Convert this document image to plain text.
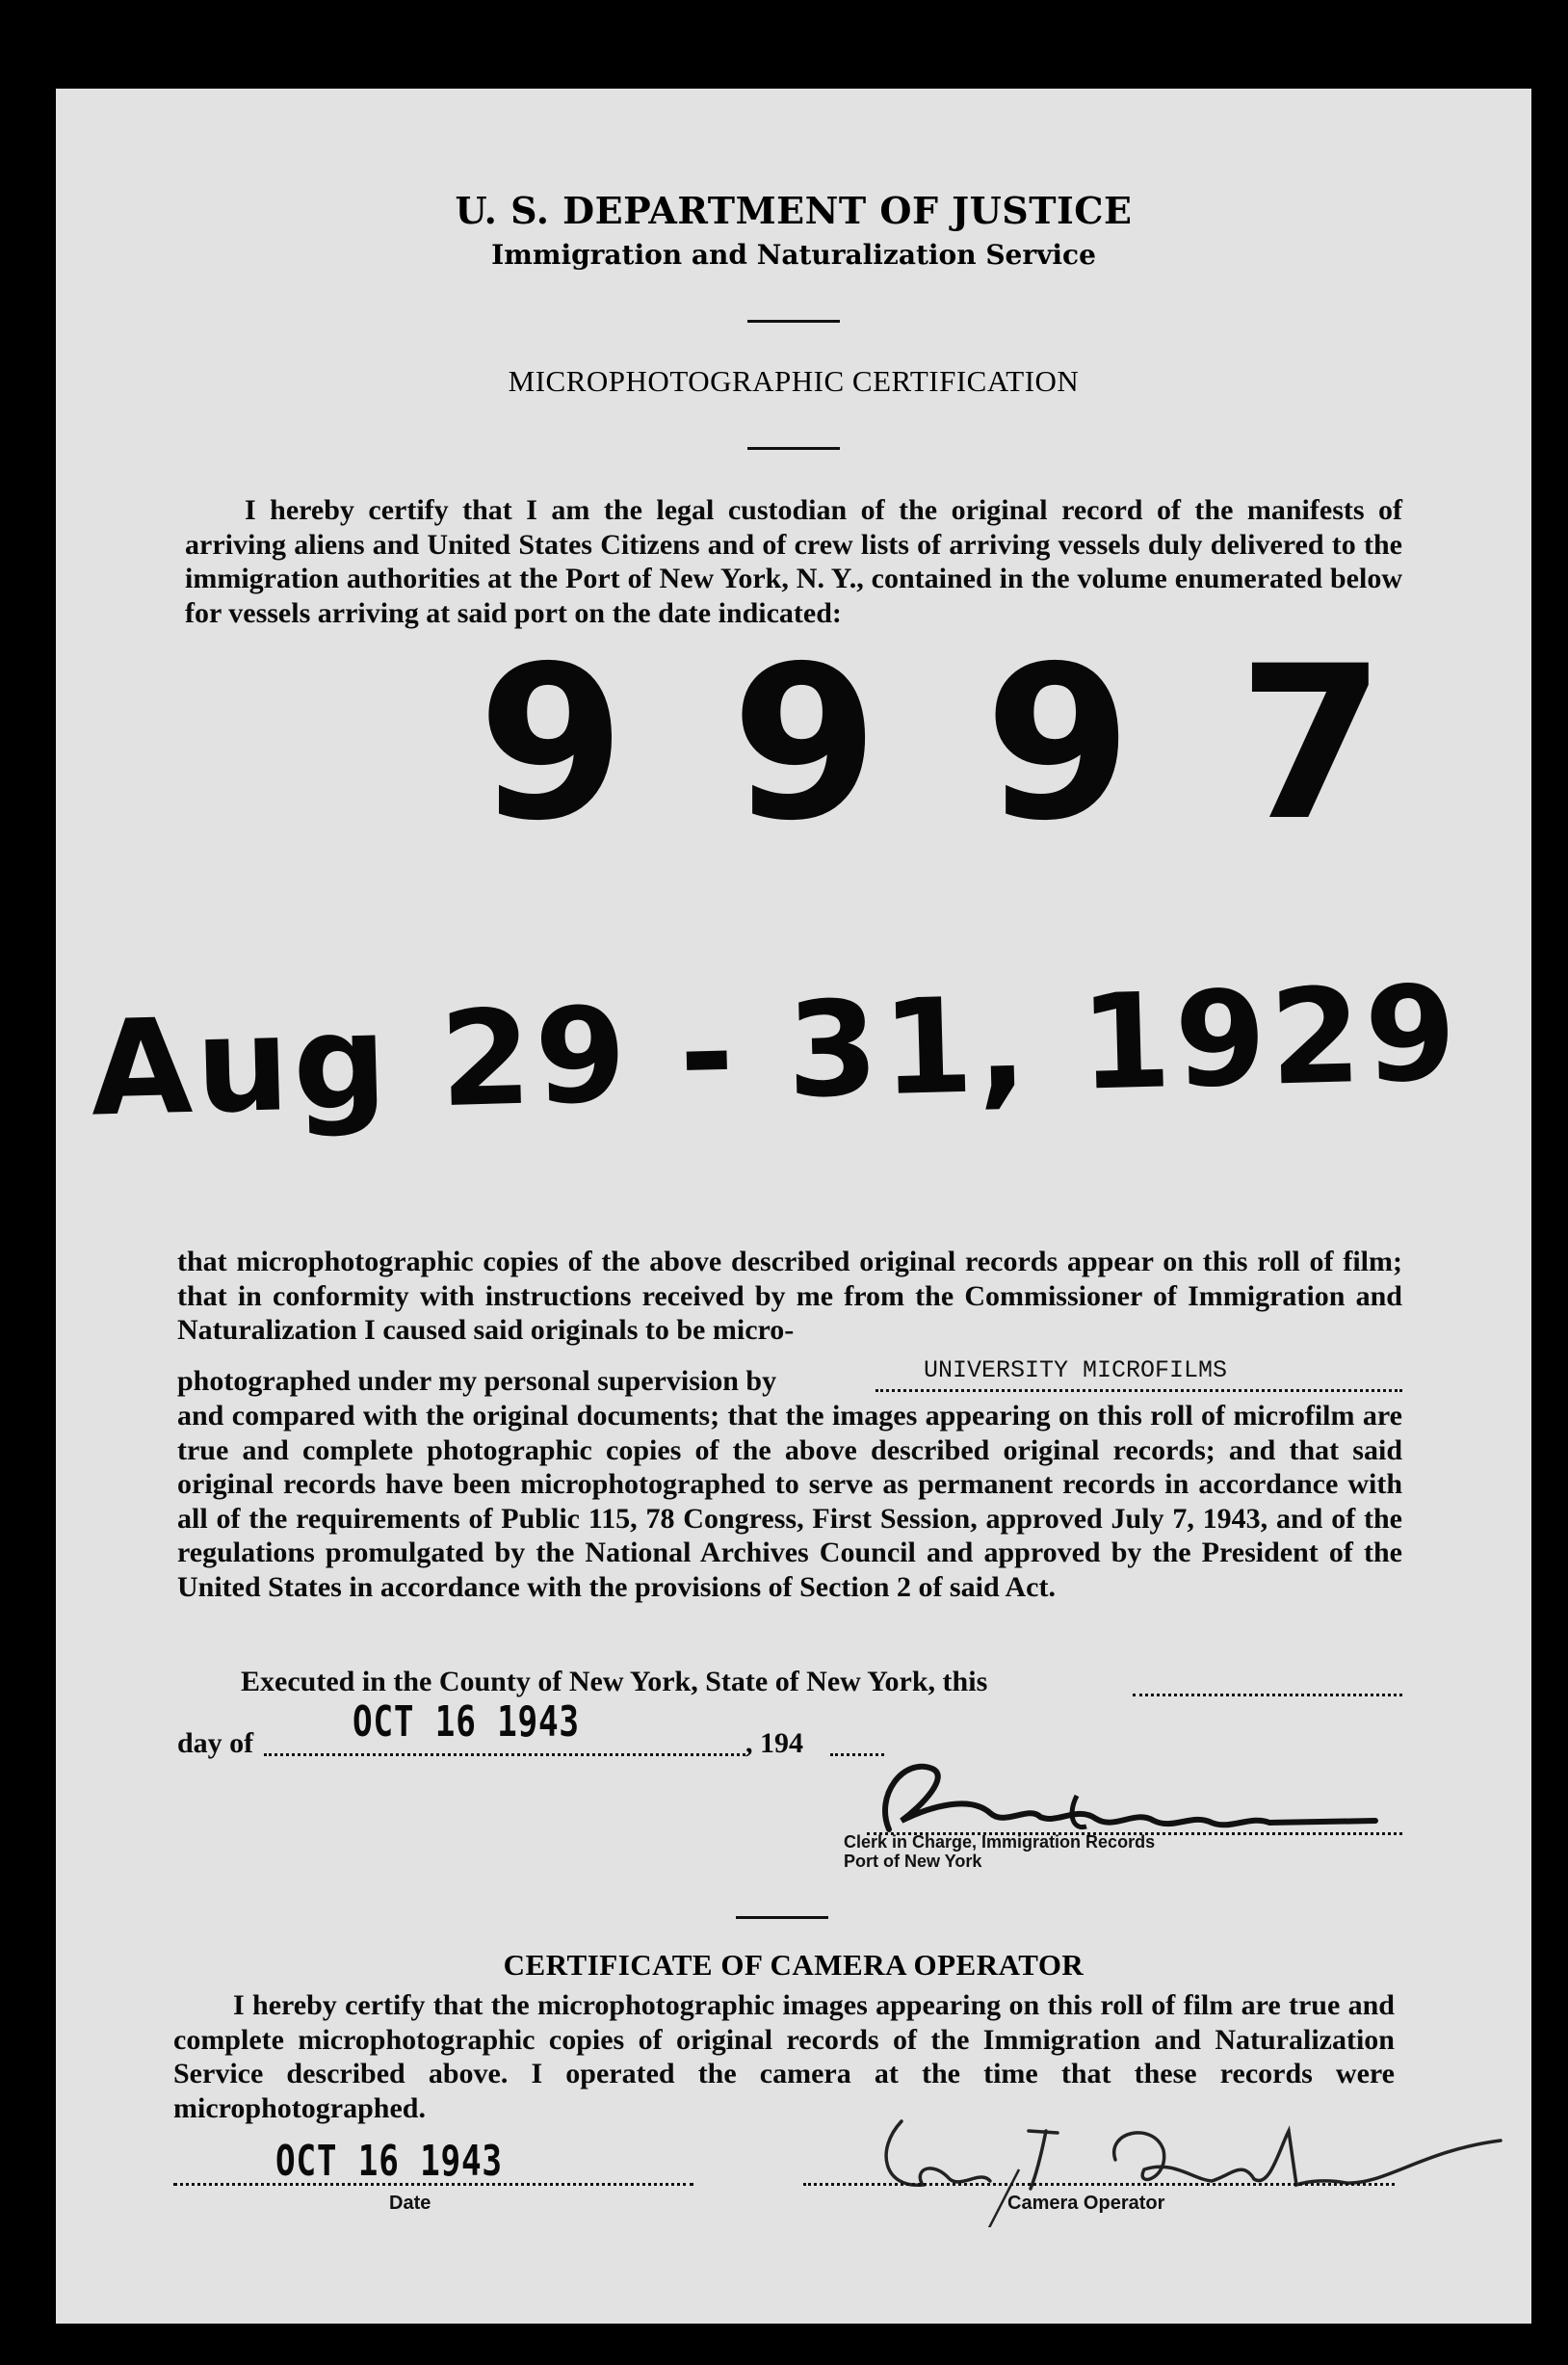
U. S. DEPARTMENT OF JUSTICE
Immigration and Naturalization Service
MICROPHOTOGRAPHIC CERTIFICATION
I hereby certify that I am the legal custodian of the original record of the manifests of arriving aliens and United States Citizens and of crew lists of arriving vessels duly delivered to the immigration authorities at the Port of New York, N. Y., contained in the volume enumerated below for vessels arriving at said port on the date indicated:
9997
Aug 29 - 31, 1929
that microphotographic copies of the above described original records appear on this roll of film; that in conformity with instructions received by me from the Commissioner of Immigration and Naturalization I caused said originals to be micro-
photographed under my personal supervision by	UNIVERSITY MICROFILMS
and compared with the original documents; that the images appearing on this roll of microfilm are true and complete photographic copies of the above described original records; and that said original records have been microphotographed to serve as permanent records in accordance with all of the requirements of Public 115, 78 Congress, First Session, approved July 7, 1943, and of the regulations promulgated by the National Archives Council and approved by the President of the United States in accordance with the provisions of Section 2 of said Act.
Executed in the County of New York, State of New York, this
day of OCT 16 1943	, 194
Clerk in Charge, Immigration Records
Port of New York
CERTIFICATE OF CAMERA OPERATOR
I hereby certify that the microphotographic images appearing on this roll of film are true and complete microphotographic copies of original records of the Immigration and Naturalization Service described above. I operated the camera at the time that these records were microphotographed.
OCT 16 1943
Date	Camera Operator
